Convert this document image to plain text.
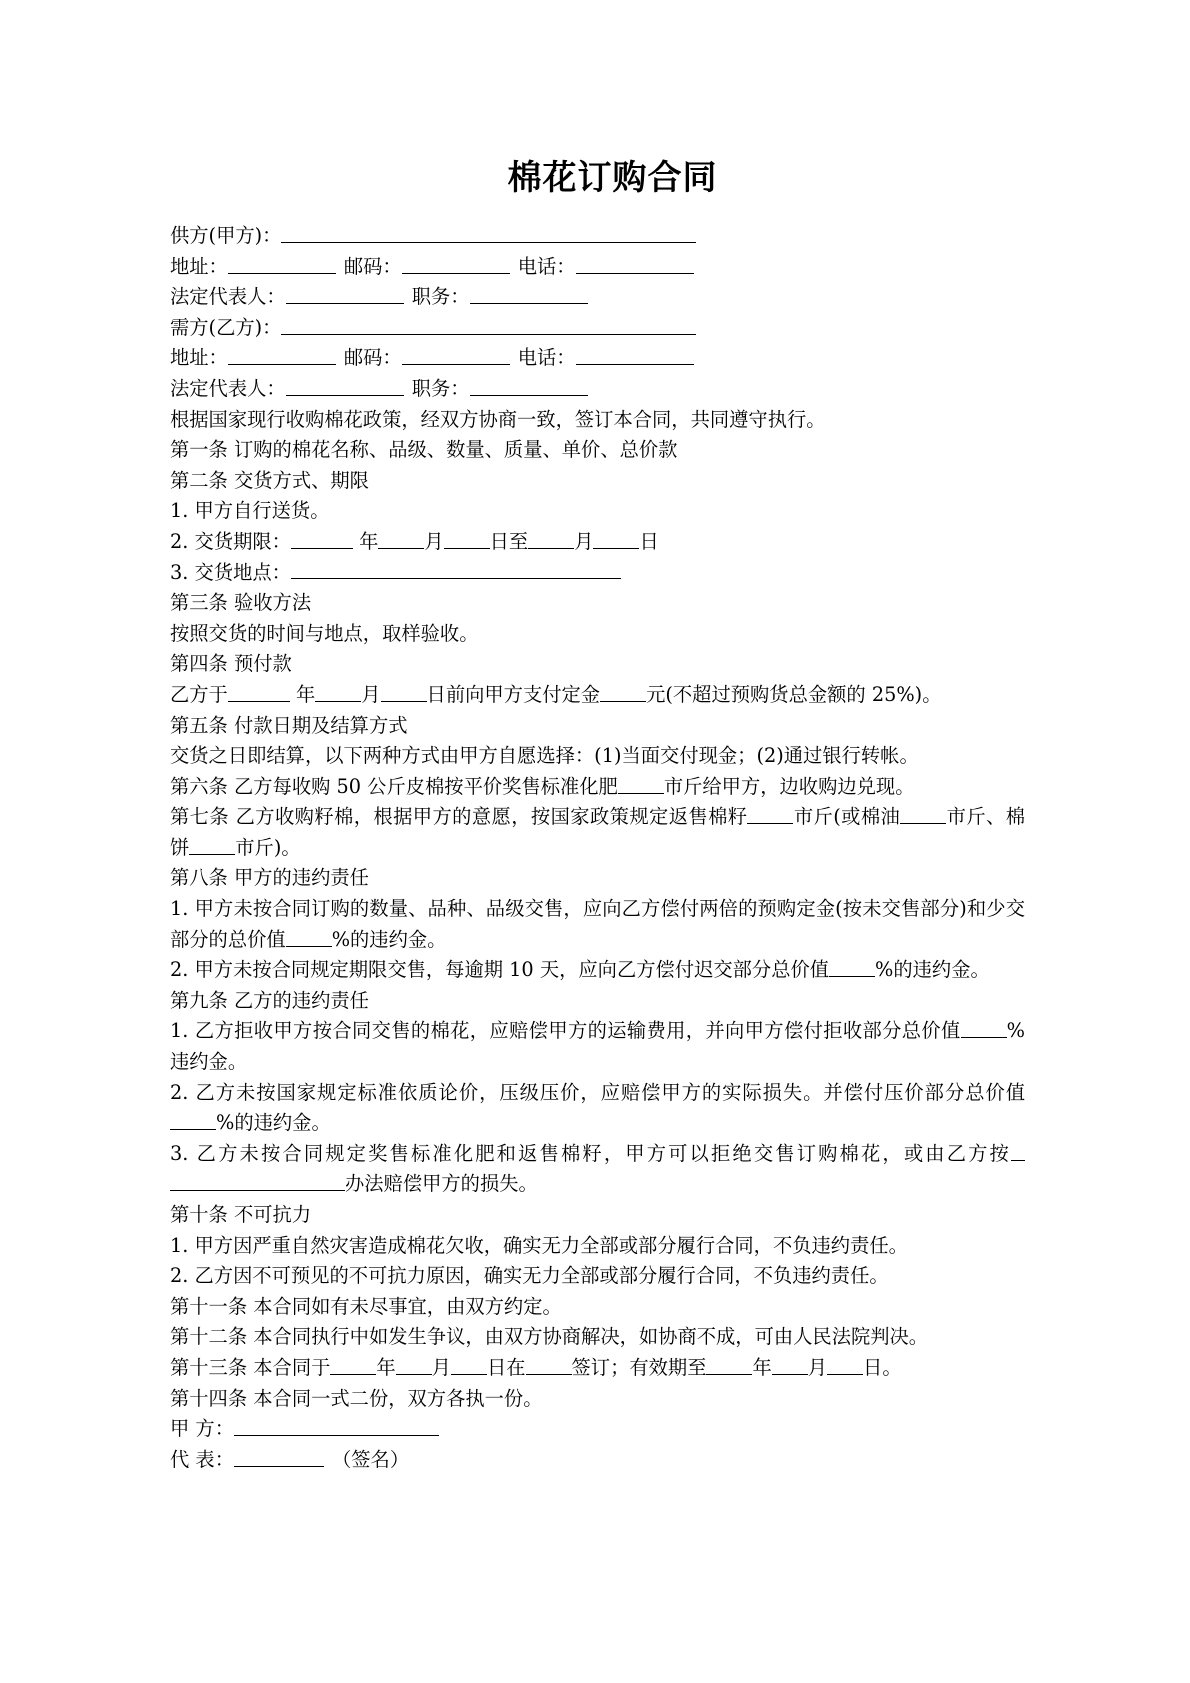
棉花订购合同
供方(甲方)：
地址：	邮码：	电话：
法定代表人：	职务：
需方(乙方)：
地址：	邮码：	电话：
法定代表人：	职务：
根据国家现行收购棉花政策，经双方协商一致，签订本合同，共同遵守执行。
第一条 订购的棉花名称、品级、数量、质量、单价、总价款
第二条 交货方式、期限
1. 甲方自行送货。
2. 交货期限：	年 月 日至 月 日
3. 交货地点：
第三条 验收方法
按照交货的时间与地点，取样验收。
第四条 预付款
乙方于	年 月 日前向甲方支付定金 元(不超过预购货总金额的 25%)。
第五条 付款日期及结算方式
交货之日即结算，以下两种方式由甲方自愿选择：(1)当面交付现金；(2)通过银行转帐。
第六条 乙方每收购 50 公斤皮棉按平价奖售标准化肥 市斤给甲方，边收购边兑现。
第七条 乙方收购籽棉，根据甲方的意愿，按国家政策规定返售棉籽 市斤(或棉油 市斤、棉饼 市斤)。
第八条 甲方的违约责任
1. 甲方未按合同订购的数量、品种、品级交售，应向乙方偿付两倍的预购定金(按未交售部分)和少交部分的总价值 %的违约金。
2. 甲方未按合同规定期限交售，每逾期 10 天，应向乙方偿付迟交部分总价值 %的违约金。
第九条 乙方的违约责任
1. 乙方拒收甲方按合同交售的棉花，应赔偿甲方的运输费用，并向甲方偿付拒收部分总价值 %违约金。
2. 乙方未按国家规定标准依质论价，压级压价，应赔偿甲方的实际损失。并偿付压价部分总价值%的违约金。
3. 乙方未按合同规定奖售标准化肥和返售棉籽，甲方可以拒绝交售订购棉花，或由乙方按办法赔偿甲方的损失。
第十条 不可抗力
1. 甲方因严重自然灾害造成棉花欠收，确实无力全部或部分履行合同，不负违约责任。
2. 乙方因不可预见的不可抗力原因，确实无力全部或部分履行合同，不负违约责任。
第十一条 本合同如有未尽事宜，由双方约定。
第十二条 本合同执行中如发生争议，由双方协商解决，如协商不成，可由人民法院判决。
第十三条 本合同于 年 月 日在 签订；有效期至 年 月 日。
第十四条 本合同一式二份，双方各执一份。
甲 方：
代 表：	（签名）
